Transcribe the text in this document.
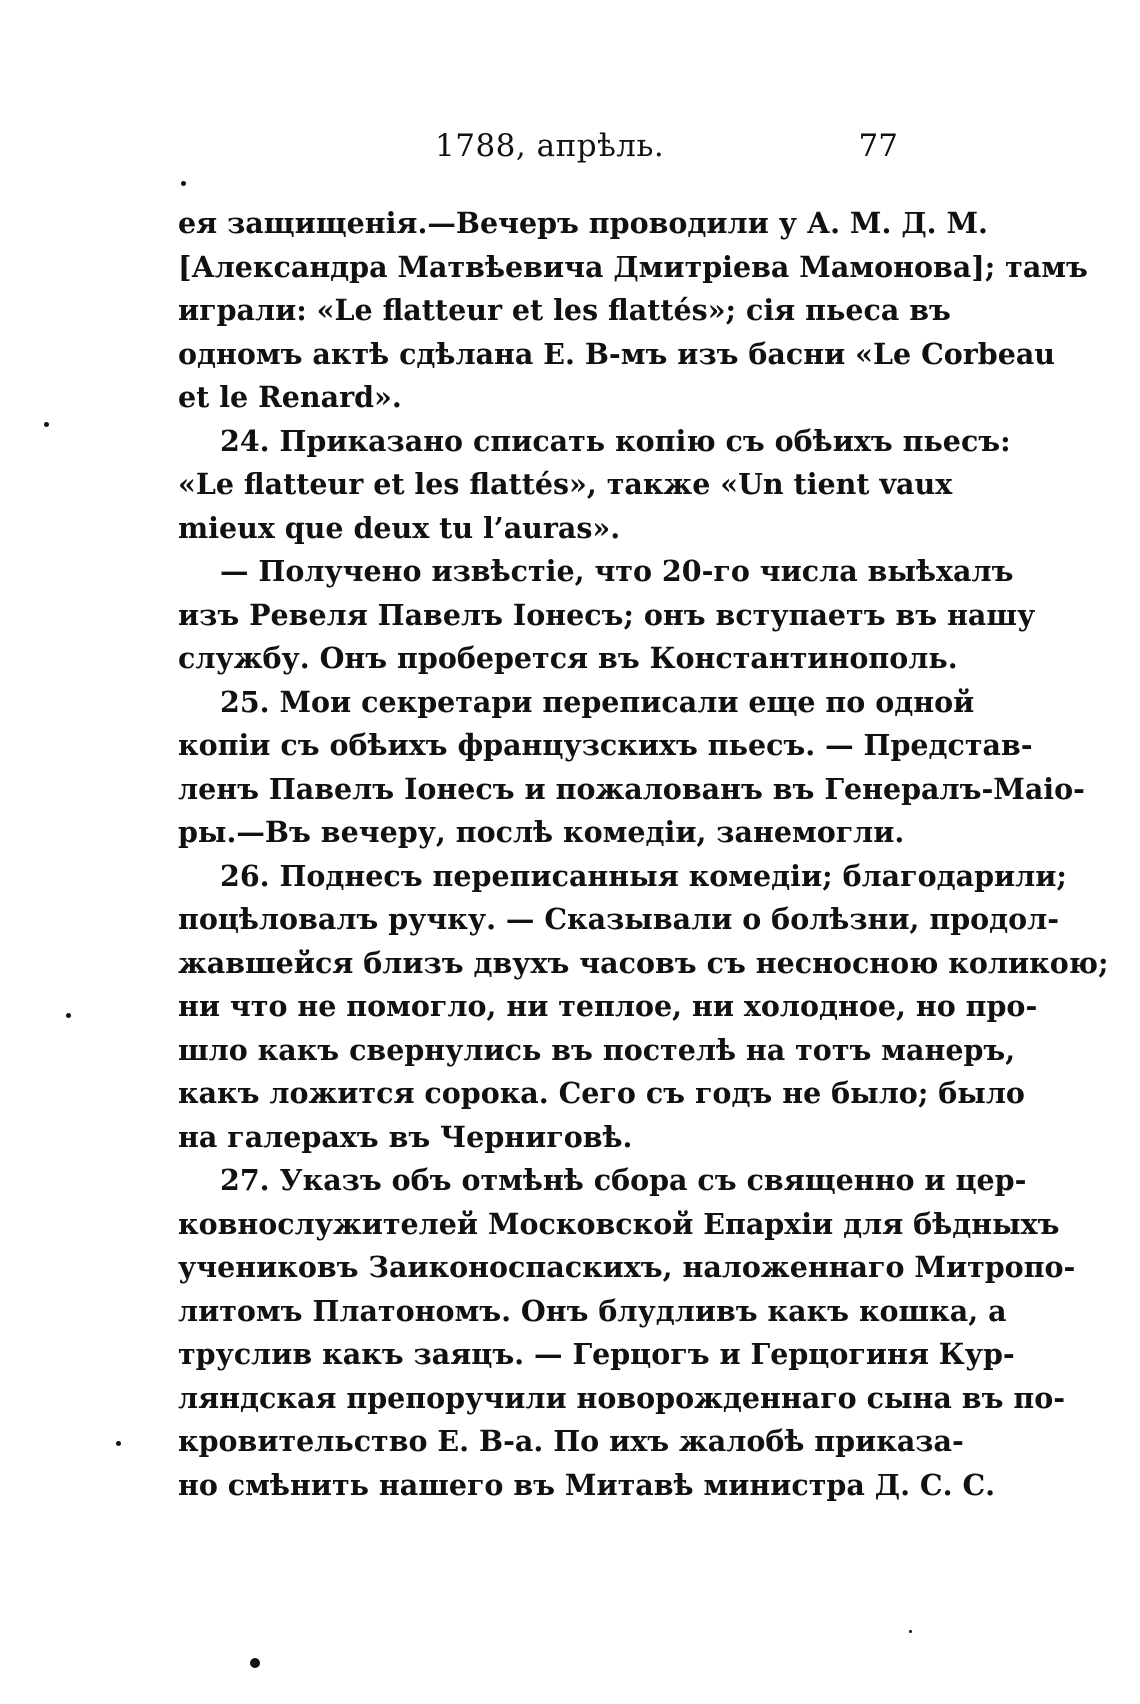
1788, апрѣль.	77
ея защищенія.—Вечеръ проводили у А. М. Д. М.
[Александра Матвѣевича Дмитріева Мамонова]; тамъ
играли: «Le flatteur et les flattés»; сія пьеса въ
одномъ актѣ сдѣлана Е. В-мъ изъ басни «Le Corbeau
et le Renard».
24. Приказано списать копію съ обѣихъ пьесъ:
«Le flatteur et les flattés», также «Un tient vaux
mieux que deux tu l’auras».
— Получено извѣстіе, что 20-го числа выѣхалъ
изъ Ревеля Павелъ Іонесъ; онъ вступаетъ въ нашу
службу. Онъ проберется въ Константинополь.
25. Мои секретари переписали еще по одной
копіи съ обѣихъ французскихъ пьесъ. — Представ-
ленъ Павелъ Іонесъ и пожалованъ въ Генералъ-Маіо-
ры.—Въ вечеру, послѣ комедіи, занемогли.
26. Поднесъ переписанныя комедіи; благодарили;
поцѣловалъ ручку. — Сказывали о болѣзни, продол-
жавшейся близъ двухъ часовъ съ несносною коликою;
ни что не помогло, ни теплое, ни холодное, но про-
шло какъ свернулись въ постелѣ на тотъ манеръ,
какъ ложится сорока. Сего съ годъ не было; было
на галерахъ въ Черниговѣ.
27. Указъ объ отмѣнѣ сбора съ священно и цер-
ковнослужителей Московской Епархіи для бѣдныхъ
учениковъ Заиконоспаскихъ, наложеннаго Митропо-
литомъ Платономъ. Онъ блудливъ какъ кошка, а
труслив какъ заяцъ. — Герцогъ и Герцогиня Кур-
ляндская препоручили новорожденнаго сына въ по-
кровительство Е. В-а. По ихъ жалобѣ приказа-
но смѣнить нашего въ Митавѣ министра Д. С. С.
